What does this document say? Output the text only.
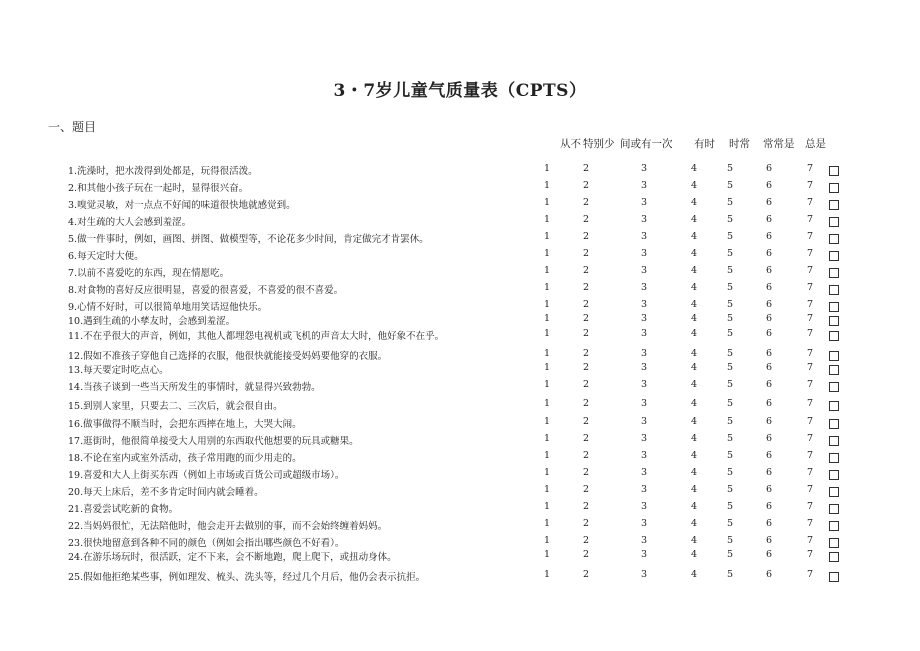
3・7岁儿童气质量表（CPTS）
一、题目
从不 特别少 间或有一次 有时 时常 常常是 总是
1.洗澡时，把水泼得到处都是，玩得很活泼。	1	2	3	4	5	6	7
2.和其他小孩子玩在一起时，显得很兴奋。	1	2	3	4	5	6	7
3.嗅觉灵敏，对一点点不好闻的味道很快地就感觉到。	1	2	3	4	5	6	7
4.对生疏的大人会感到羞涩。	1	2	3	4	5	6	7
5.做一件事时，例如，画图、拼图、做模型等，不论花多少时间，肯定做完才肯罢休。	1	2	3	4	5	6	7
6.每天定时大便。	1	2	3	4	5	6	7
7.以前不喜爱吃的东西，现在情愿吃。	1	2	3	4	5	6	7
8.对食物的喜好反应很明显，喜爱的很喜爱，不喜爱的很不喜爱。	1	2	3	4	5	6	7
9.心情不好时，可以很简单地用笑话逗他快乐。	1	2	3	4	5	6	7
10.遇到生疏的小孳友时，会感到羞涩。	1	2	3	4	5	6	7
11.不在乎很大的声音，例如，其他人都埋怨电视机或飞机的声音太大时，他好象不在乎。	1	2	3	4	5	6	7
12.假如不准孩子穿他自己选择的衣服，他很快就能接受妈妈要他穿的衣服。	1	2	3	4	5	6	7
13.每天要定时吃点心。	1	2	3	4	5	6	7
14.当孩子谈到一些当天所发生的事情时，就显得兴致勃勃。	1	2	3	4	5	6	7
15.到别人家里，只要去二、三次后，就会很自由。	1	2	3	4	5	6	7
16.做事做得不顺当时，会把东西摔在地上，大哭大闹。	1	2	3	4	5	6	7
17.逛街时，他很简单接受大人用别的东西取代他想要的玩具或糖果。	1	2	3	4	5	6	7
18.不论在室内或室外活动，孩子常用跑的而少用走的。	1	2	3	4	5	6	7
19.喜爱和大人上街买东西（例如上市场或百货公司或超级市场）。	1	2	3	4	5	6	7
20.每天上床后，差不多肯定时间内就会睡着。	1	2	3	4	5	6	7
21.喜爱尝试吃新的食物。	1	2	3	4	5	6	7
22.当妈妈很忙，无法陪他时，他会走开去做别的事，而不会始终缠着妈妈。	1	2	3	4	5	6	7
23.很快地留意到各种不同的颜色（例如会指出哪些颜色不好看）。	1	2	3	4	5	6	7
24.在游乐场玩时，很活跃，定不下来，会不断地跑，爬上爬下，或扭动身体。	1	2	3	4	5	6	7
25.假如他拒绝某些事，例如理发、梳头、洗头等，经过几个月后，他仍会表示抗拒。	1	2	3	4	5	6	7
